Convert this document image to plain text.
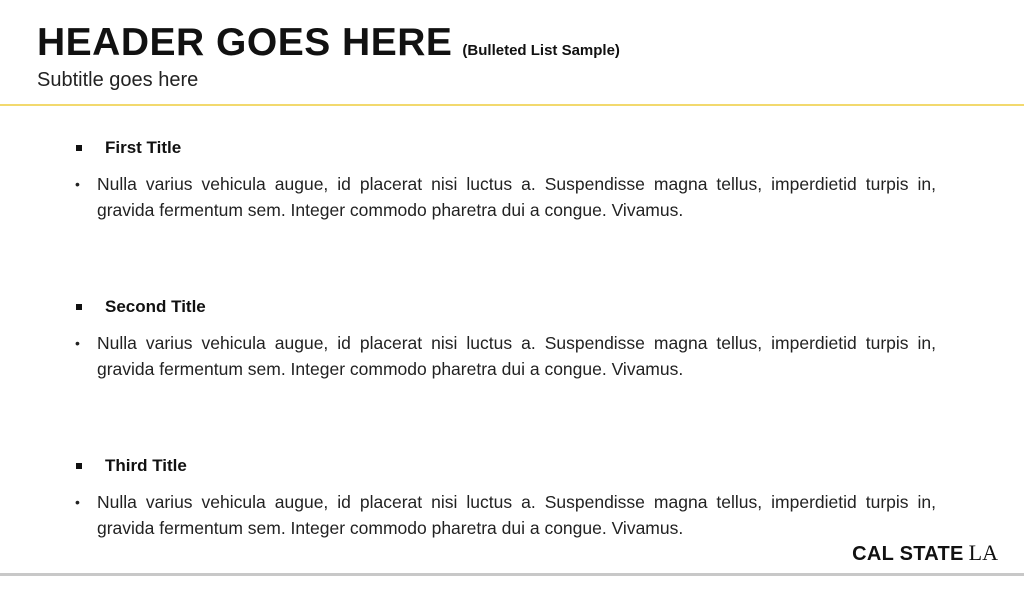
HEADER GOES HERE (Bulleted List Sample)
Subtitle goes here
First Title
• Nulla varius vehicula augue, id placerat nisi luctus a. Suspendisse magna tellus, imperdietid turpis in, gravida fermentum sem. Integer commodo pharetra dui a congue. Vivamus.
Second Title
• Nulla varius vehicula augue, id placerat nisi luctus a. Suspendisse magna tellus, imperdietid turpis in, gravida fermentum sem. Integer commodo pharetra dui a congue. Vivamus.
Third Title
• Nulla varius vehicula augue, id placerat nisi luctus a. Suspendisse magna tellus, imperdietid turpis in, gravida fermentum sem. Integer commodo pharetra dui a congue. Vivamus.
CAL STATE LA
